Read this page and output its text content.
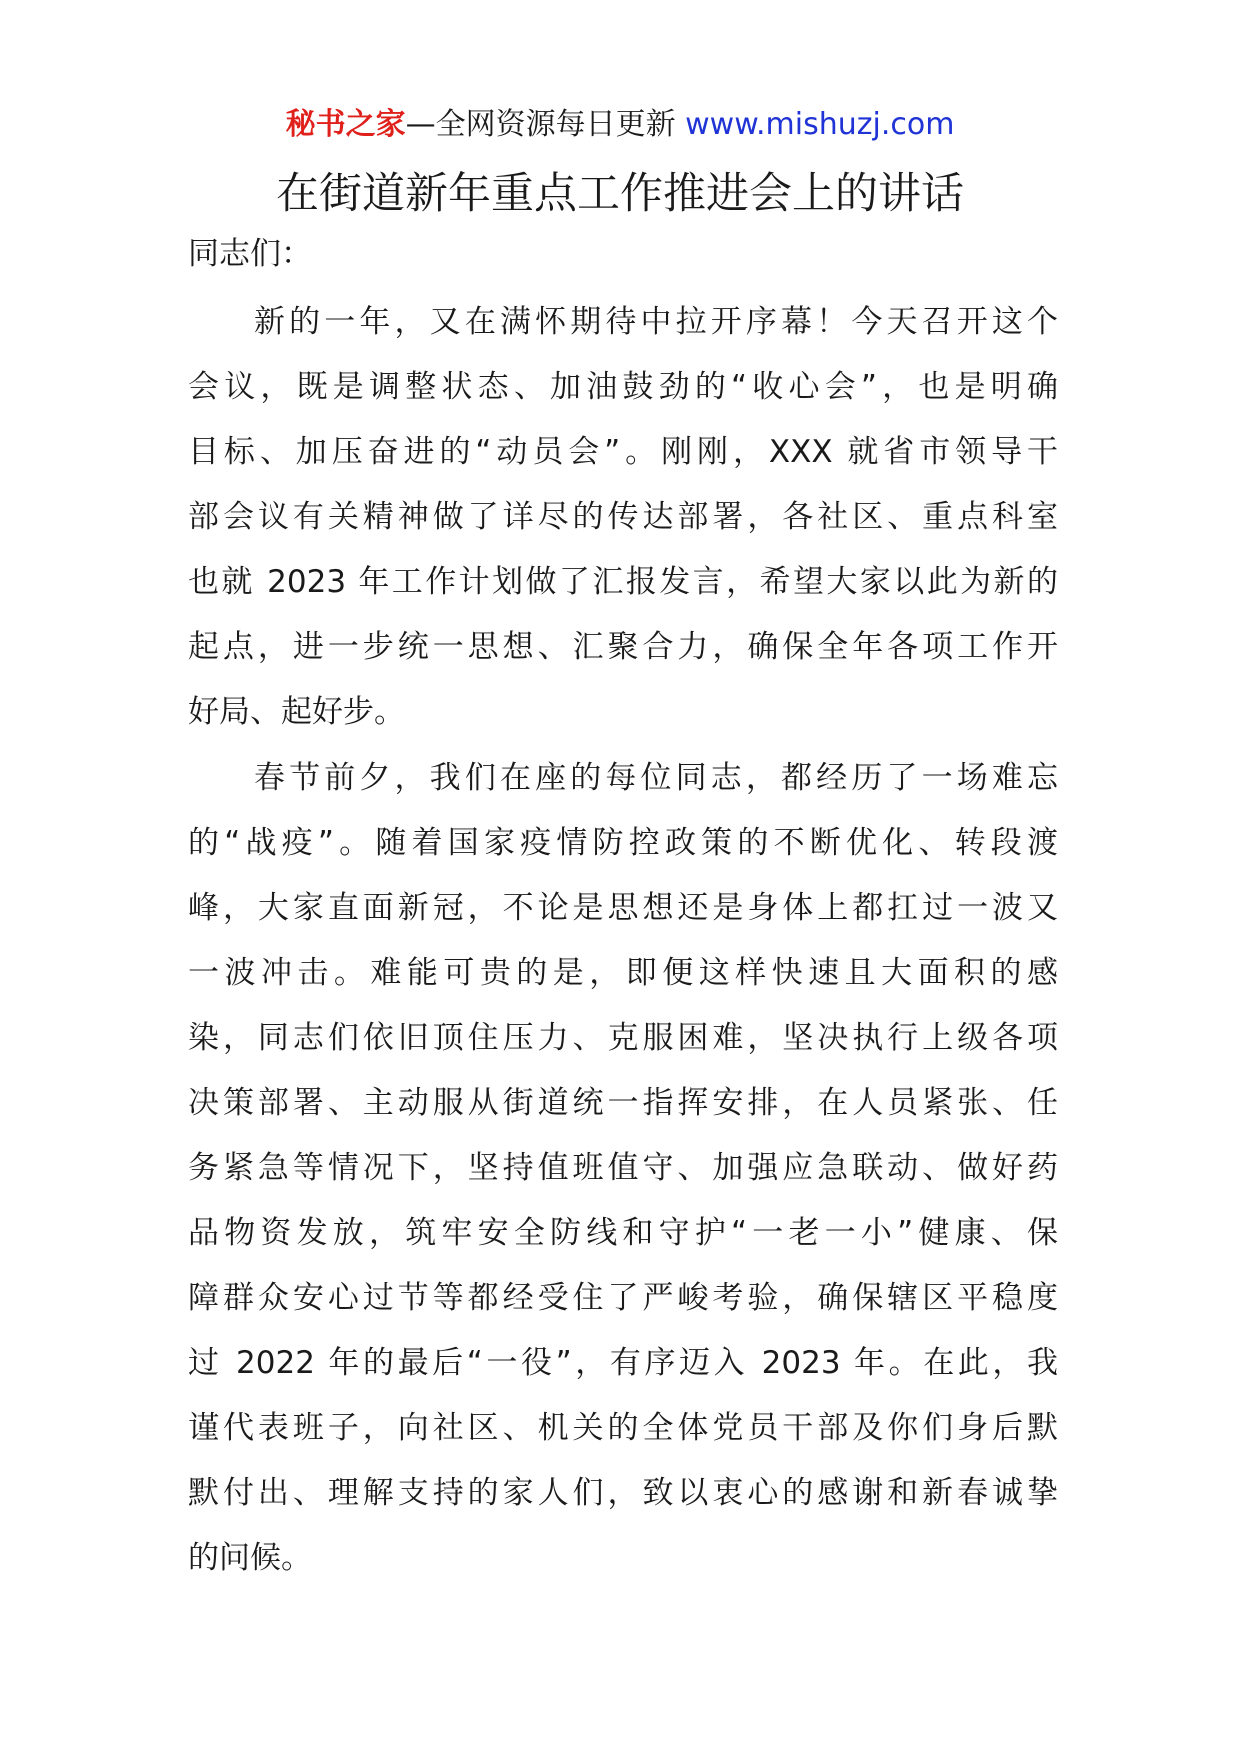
秘书之家—全网资源每日更新 www.mishuzj.com
在街道新年重点工作推进会上的讲话

同志们：

新的一年，又在满怀期待中拉开序幕！今天召开这个
会议，既是调整状态、加油鼓劲的“收心会”，也是明确
目标、加压奋进的“动员会”。刚刚，XXX 就省市领导干
部会议有关精神做了详尽的传达部署，各社区、重点科室
也就 2023 年工作计划做了汇报发言，希望大家以此为新的
起点，进一步统一思想、汇聚合力，确保全年各项工作开
好局、起好步。
春节前夕，我们在座的每位同志，都经历了一场难忘
的“战疫”。随着国家疫情防控政策的不断优化、转段渡
峰，大家直面新冠，不论是思想还是身体上都扛过一波又
一波冲击。难能可贵的是，即便这样快速且大面积的感
染，同志们依旧顶住压力、克服困难，坚决执行上级各项
决策部署、主动服从街道统一指挥安排，在人员紧张、任
务紧急等情况下，坚持值班值守、加强应急联动、做好药
品物资发放，筑牢安全防线和守护“一老一小”健康、保
障群众安心过节等都经受住了严峻考验，确保辖区平稳度
过 2022 年的最后“一役”，有序迈入 2023 年。在此，我
谨代表班子，向社区、机关的全体党员干部及你们身后默
默付出、理解支持的家人们，致以衷心的感谢和新春诚挚
的问候。
